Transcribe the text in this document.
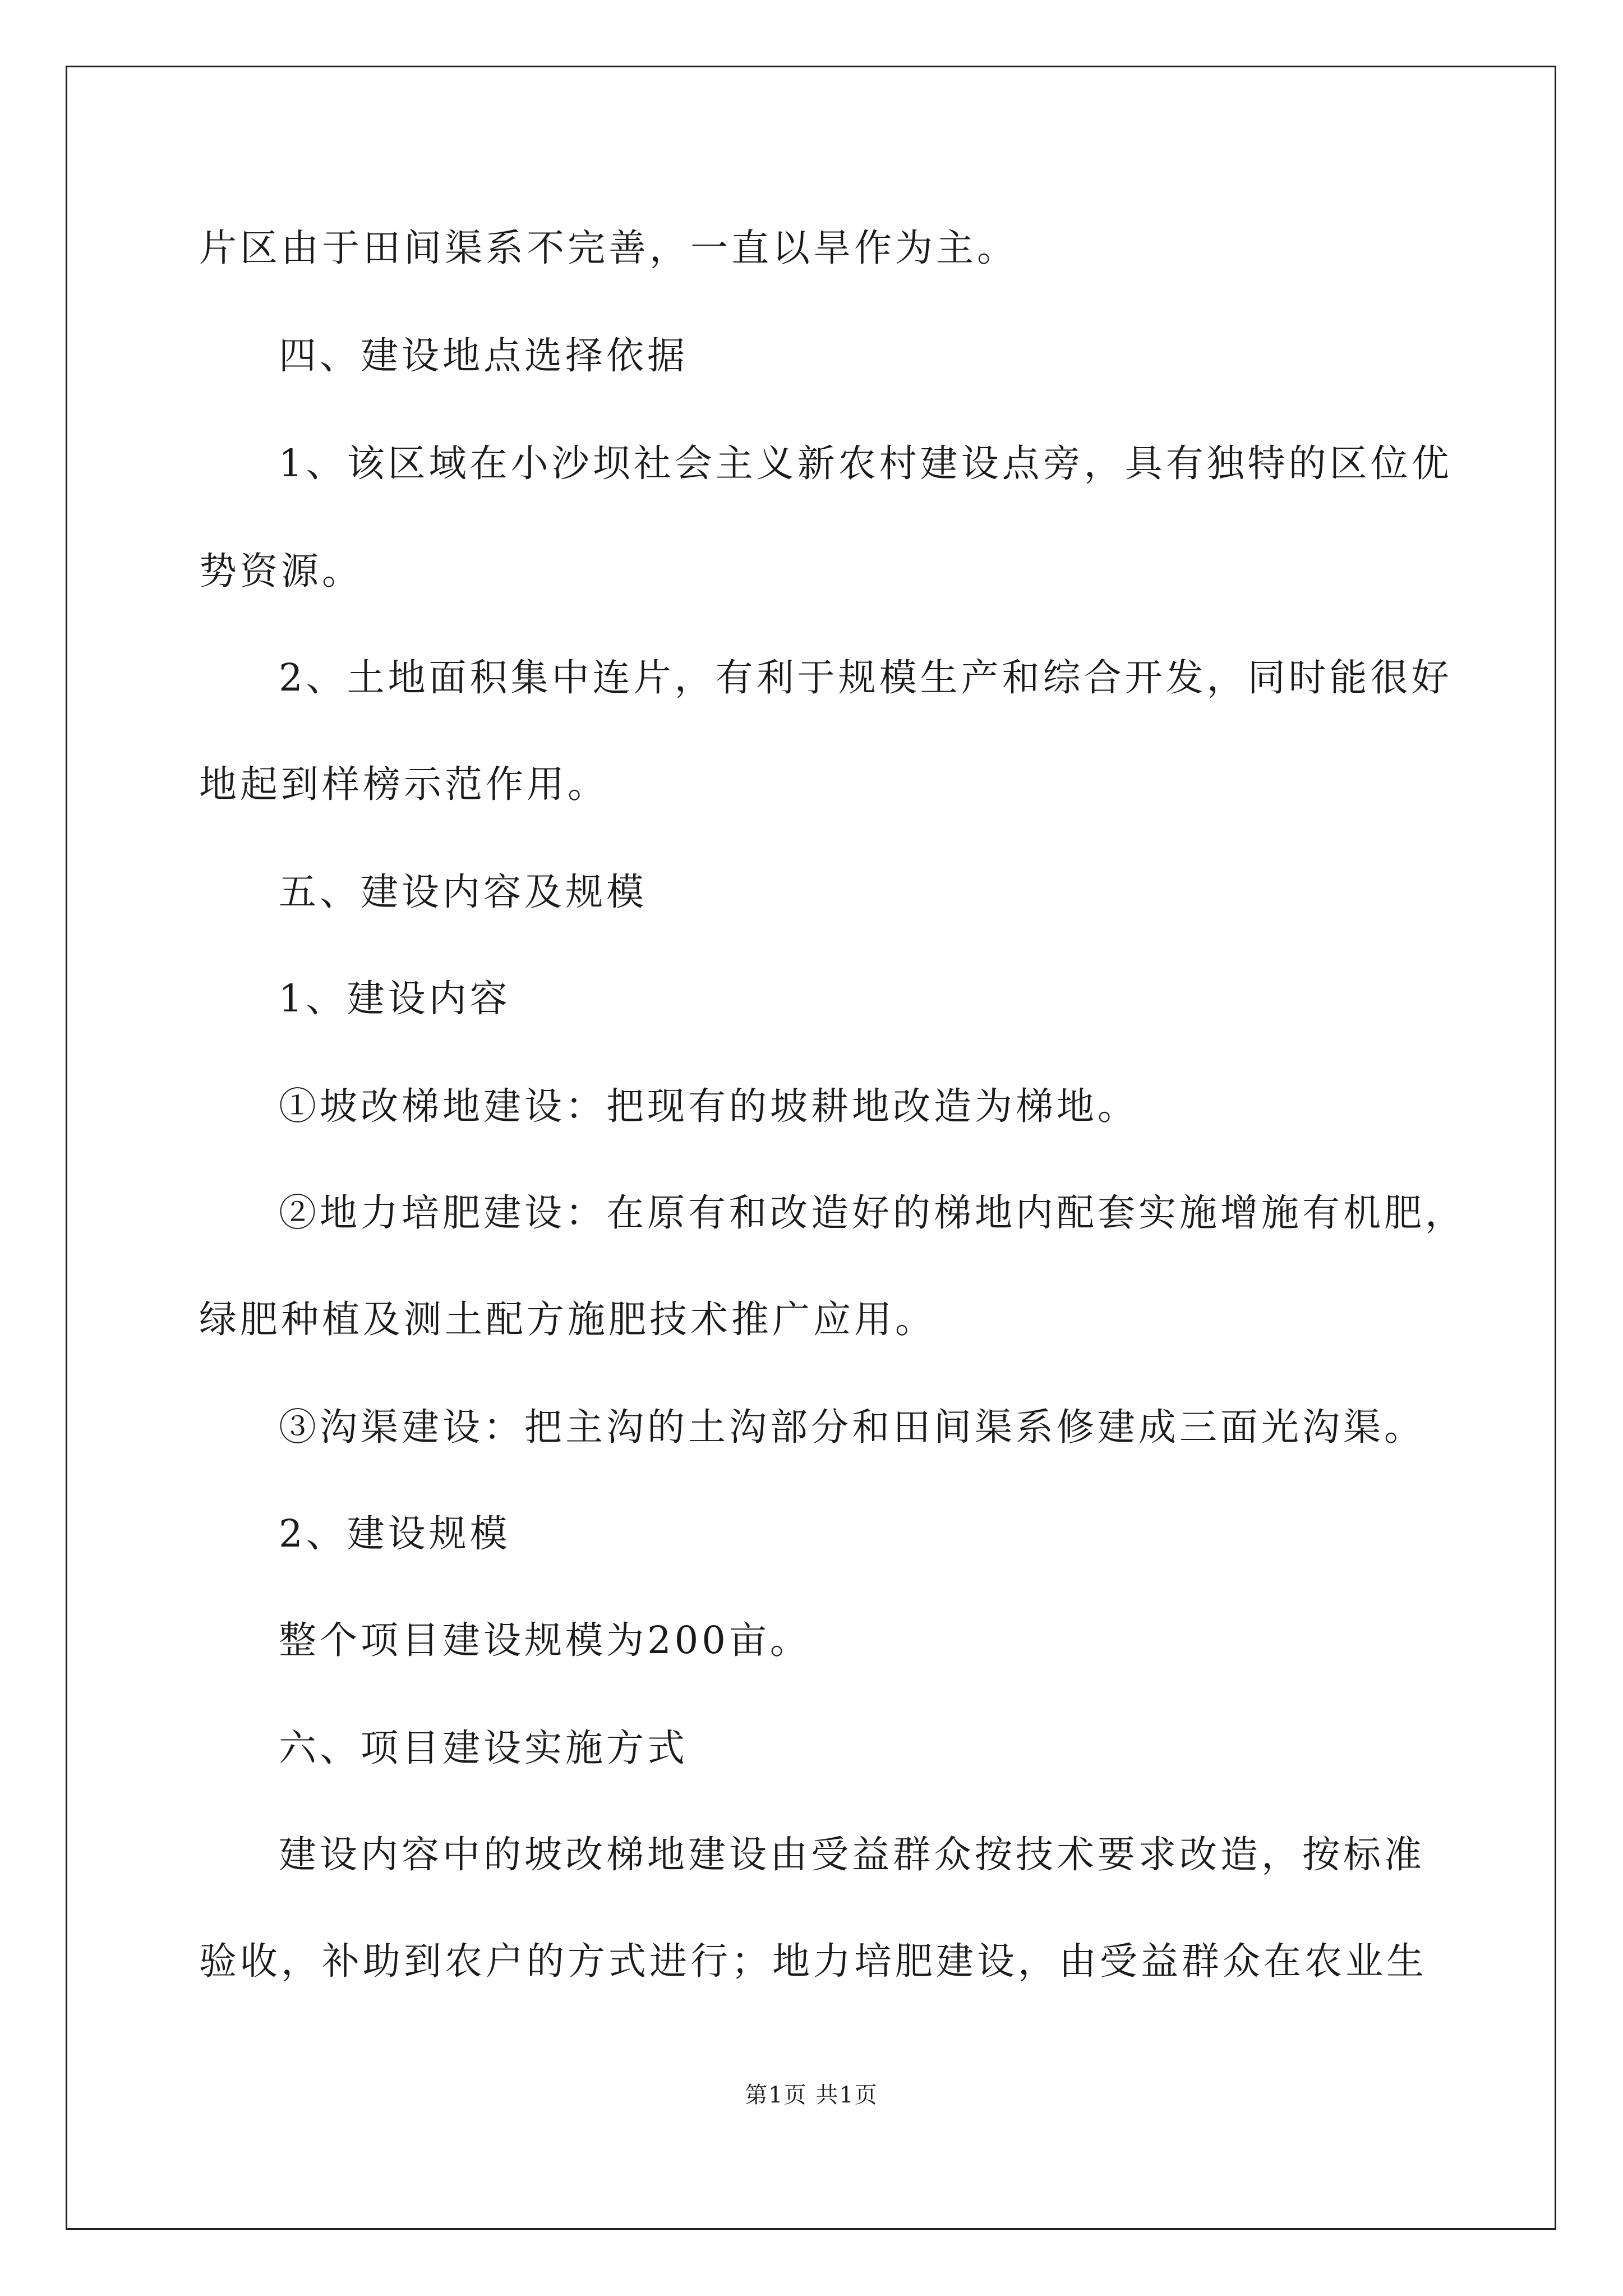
片区由于田间渠系不完善，一直以旱作为主。
四、建设地点选择依据
1、该区域在小沙坝社会主义新农村建设点旁，具有独特的区位优
势资源。
2、土地面积集中连片，有利于规模生产和综合开发，同时能很好
地起到样榜示范作用。
五、建设内容及规模
1、建设内容
①坡改梯地建设：把现有的坡耕地改造为梯地。
②地力培肥建设：在原有和改造好的梯地内配套实施增施有机肥，
绿肥种植及测土配方施肥技术推广应用。
③沟渠建设：把主沟的土沟部分和田间渠系修建成三面光沟渠。
2、建设规模
整个项目建设规模为200亩。
六、项目建设实施方式
建设内容中的坡改梯地建设由受益群众按技术要求改造，按标准
验收，补助到农户的方式进行；地力培肥建设，由受益群众在农业生
第1页 共1页
